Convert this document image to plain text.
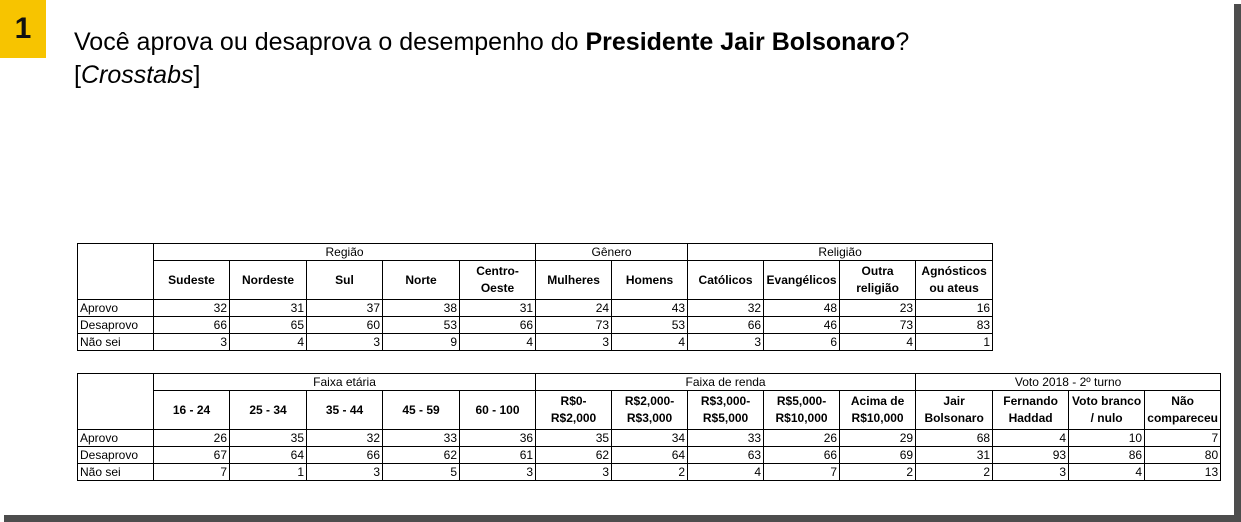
1 Você aprova ou desaprova o desempenho do Presidente Jair Bolsonaro?
[Crosstabs]
	Região					Gênero		Religião			
	Sudeste	Nordeste	Sul	Norte	Centro-Oeste	Mulheres	Homens	Católicos	Evangélicos	Outra religião	Agnósticos ou ateus
Aprovo	32	31	37	38	31	24	43	32	48	23	16
Desaprovo	66	65	60	53	66	73	53	66	46	73	83
Não sei	3	4	3	9	4	3	4	3	6	4	1
	Faixa etária					Faixa de renda					Voto 2018 - 2º turno			
	16 - 24	25 - 34	35 - 44	45 - 59	60 - 100	R$0-R$2,000	R$2,000-R$3,000	R$3,000-R$5,000	R$5,000-R$10,000	Acima de R$10,000	Jair Bolsonaro	Fernando Haddad	Voto branco / nulo	Não compareceu
Aprovo	26	35	32	33	36	35	34	33	26	29	68	4	10	7
Desaprovo	67	64	66	62	61	62	64	63	66	69	31	93	86	80
Não sei	7	1	3	5	3	3	2	4	7	2	2	3	4	13
